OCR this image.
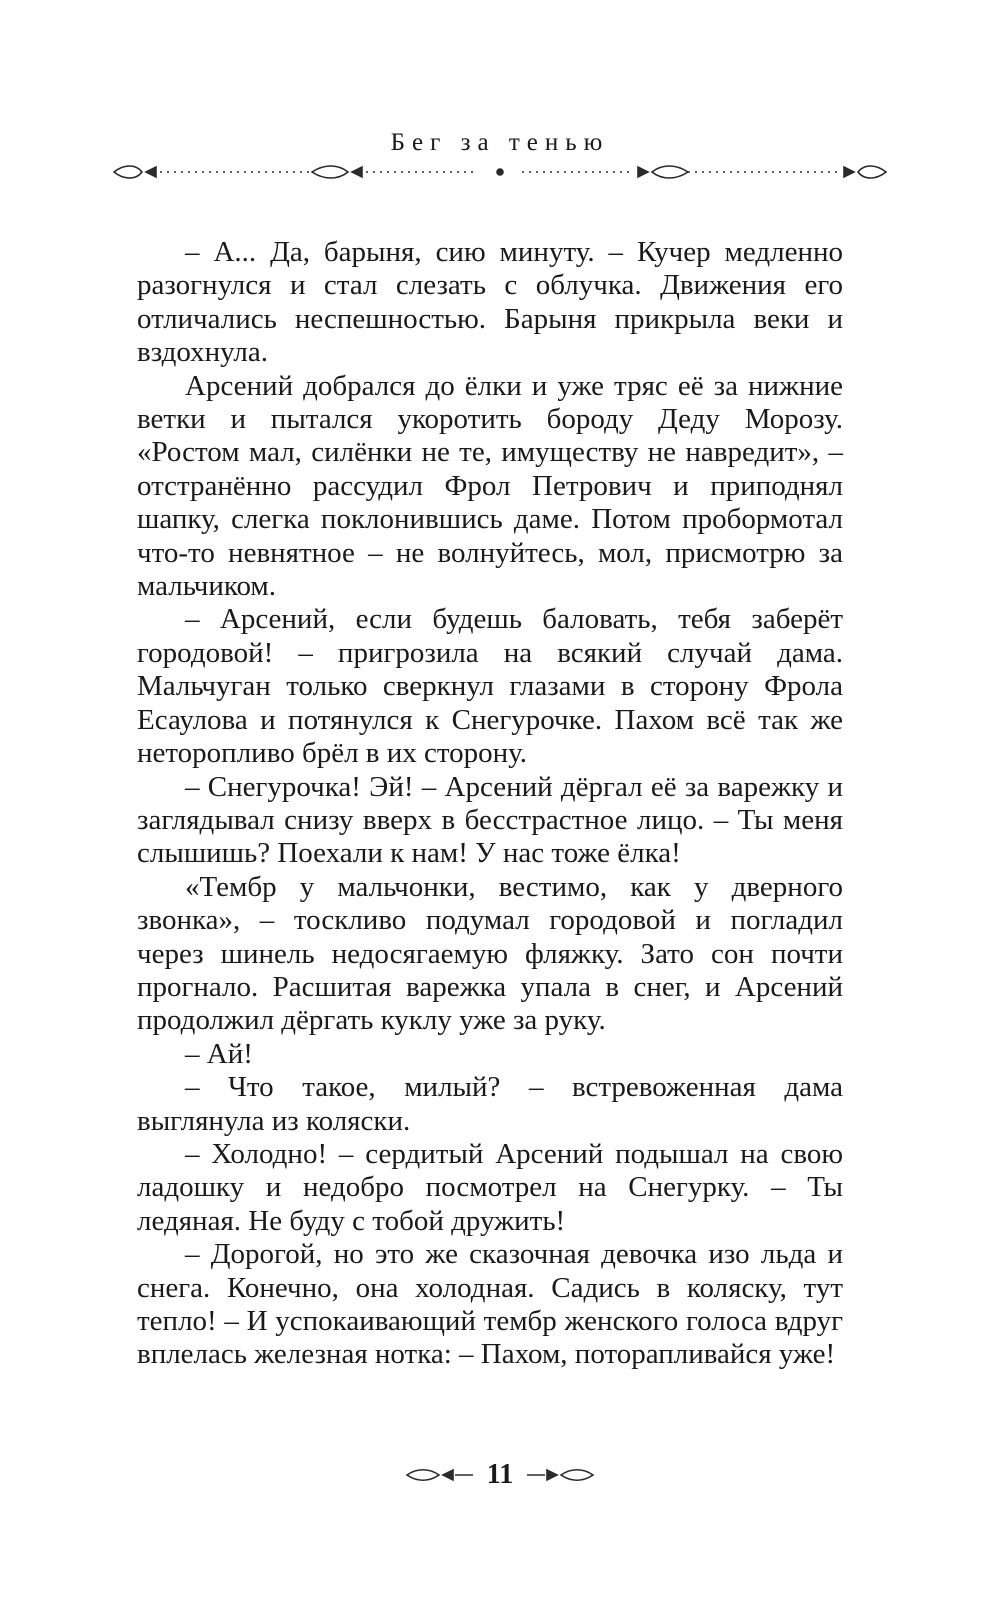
Бег за тенью

– А... Да, барыня, сию минуту. – Кучер медленно разогнулся и стал слезать с облучка. Движения его отличались неспешностью. Барыня прикрыла веки и вздохнула.

Арсений добрался до ёлки и уже тряс её за нижние ветки и пытался укоротить бороду Деду Морозу. «Ростом мал, силёнки не те, имуществу не навредит», – отстранённо рассудил Фрол Петрович и приподнял шапку, слегка поклонившись даме. Потом пробормотал что-то невнятное – не волнуйтесь, мол, присмотрю за мальчиком.

– Арсений, если будешь баловать, тебя заберёт городовой! – пригрозила на всякий случай дама. Мальчуган только сверкнул глазами в сторону Фрола Есаулова и потянулся к Снегурочке. Пахом всё так же неторопливо брёл в их сторону.

– Снегурочка! Эй! – Арсений дёргал её за варежку и заглядывал снизу вверх в бесстрастное лицо. – Ты меня слышишь? Поехали к нам! У нас тоже ёлка!

«Тембр у мальчонки, вестимо, как у дверного звонка», – тоскливо подумал городовой и погладил через шинель недосягаемую фляжку. Зато сон почти прогнало. Расшитая варежка упала в снег, и Арсений продолжил дёргать куклу уже за руку.

– Ай!

– Что такое, милый? – встревоженная дама выглянула из коляски.

– Холодно! – сердитый Арсений подышал на свою ладошку и недобро посмотрел на Снегурку. – Ты ледяная. Не буду с тобой дружить!

– Дорогой, но это же сказочная девочка изо льда и снега. Конечно, она холодная. Садись в коляску, тут тепло! – И успокаивающий тембр женского голоса вдруг вплелась железная нотка: – Пахом, поторапливайся уже!

11
